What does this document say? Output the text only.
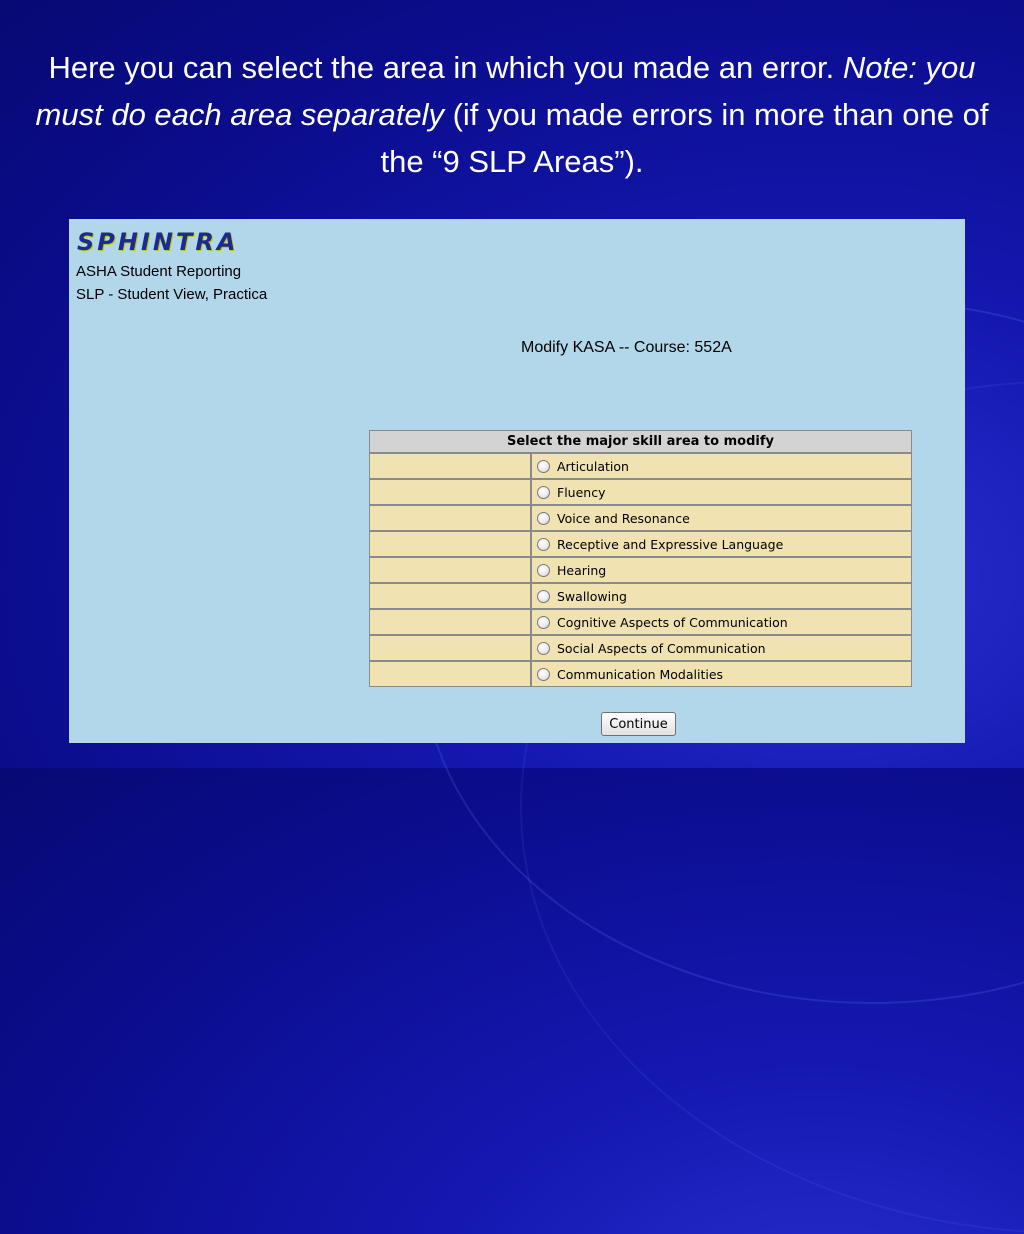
Here you can select the area in which you made an error. Note: you must do each area separately (if you made errors in more than one of the “9 SLP Areas”).
SPHINTRA
ASHA Student Reporting
SLP - Student View, Practica
Modify KASA -- Course: 552A
Select the major skill area to modify
Articulation
Fluency
Voice and Resonance
Receptive and Expressive Language
Hearing
Swallowing
Cognitive Aspects of Communication
Social Aspects of Communication
Communication Modalities
Continue
